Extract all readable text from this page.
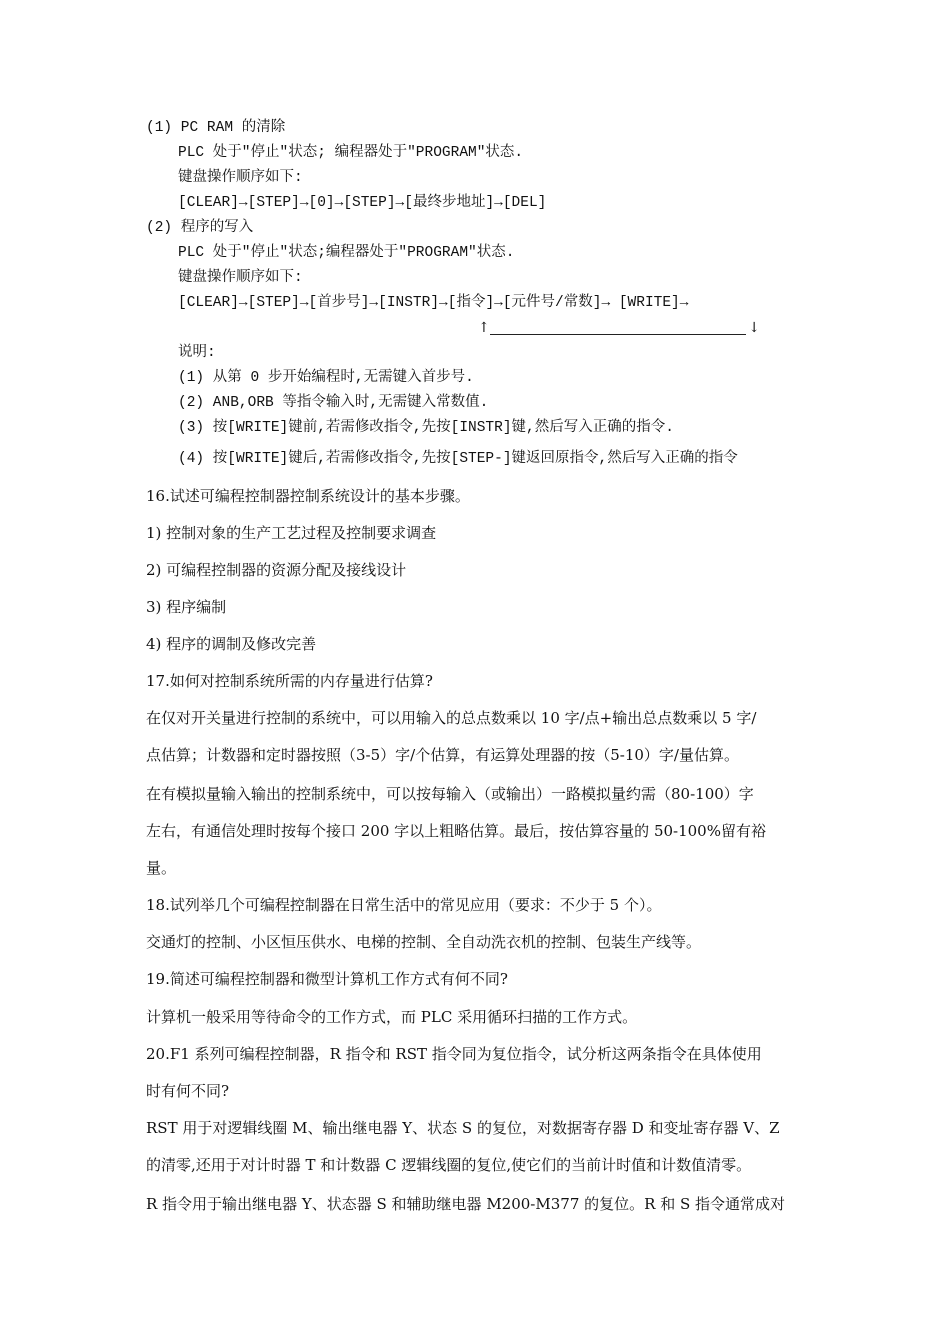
(1) PC RAM 的清除
PLC 处于"停止"状态; 编程器处于"PROGRAM"状态.
键盘操作顺序如下:
[CLEAR]→[STEP]→[0]→[STEP]→[最终步地址]→[DEL]
(2) 程序的写入
PLC 处于"停止"状态;编程器处于"PROGRAM"状态.
键盘操作顺序如下:
[CLEAR]→[STEP]→[首步号]→[INSTR]→[指令]→[元件号/常数]→ [WRITE]→
↑	↓
说明:
(1) 从第 0 步开始编程时,无需键入首步号.
(2) ANB,ORB 等指令输入时,无需键入常数值.
(3) 按[WRITE]键前,若需修改指令,先按[INSTR]键,然后写入正确的指令.
(4) 按[WRITE]键后,若需修改指令,先按[STEP-]键返回原指令,然后写入正确的指令
16.试述可编程控制器控制系统设计的基本步骤。
1) 控制对象的生产工艺过程及控制要求调查
2) 可编程控制器的资源分配及接线设计
3) 程序编制
4) 程序的调制及修改完善
17.如何对控制系统所需的内存量进行估算?
在仅对开关量进行控制的系统中，可以用输入的总点数乘以 10 字/点+输出总点数乘以 5 字/
点估算；计数器和定时器按照（3-5）字/个估算，有运算处理器的按（5-10）字/量估算。
在有模拟量输入输出的控制系统中，可以按每输入（或输出）一路模拟量约需（80-100）字
左右，有通信处理时按每个接口 200 字以上粗略估算。最后，按估算容量的 50-100%留有裕
量。
18.试列举几个可编程控制器在日常生活中的常见应用（要求：不少于 5 个）。
交通灯的控制、小区恒压供水、电梯的控制、全自动洗衣机的控制、包装生产线等。
19.简述可编程控制器和微型计算机工作方式有何不同?
计算机一般采用等待命令的工作方式，而 PLC 采用循环扫描的工作方式。
20.F1 系列可编程控制器，R 指令和 RST 指令同为复位指令，试分析这两条指令在具体使用
时有何不同?
RST 用于对逻辑线圈 M、输出继电器 Y、状态 S 的复位，对数据寄存器 D 和变址寄存器 V、Z
的清零,还用于对计时器 T 和计数器 C 逻辑线圈的复位,使它们的当前计时值和计数值清零。
R 指令用于输出继电器 Y、状态器 S 和辅助继电器 M200-M377 的复位。R 和 S 指令通常成对
